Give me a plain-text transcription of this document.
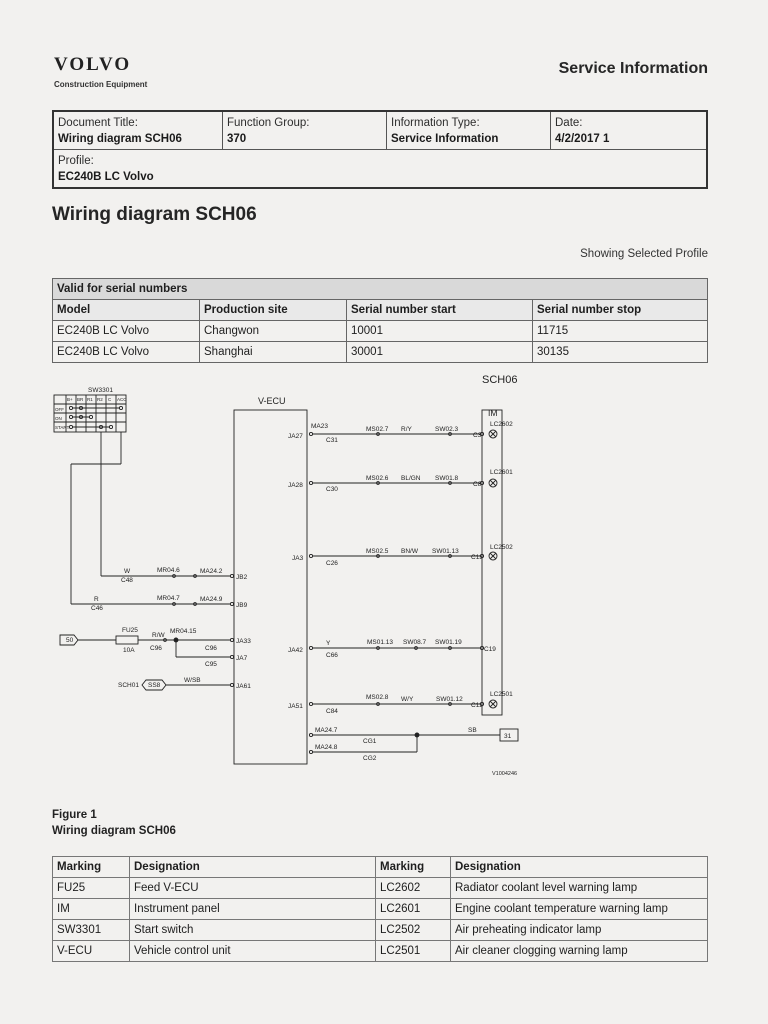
VOLVO
Construction Equipment
Service Information
Document Title:
Wiring diagram SCH06

Function Group:
370

Information Type:
Service Information

Date:
4/2/2017 1

Profile:
EC240B LC Volvo
Wiring diagram SCH06
Showing Selected Profile
Valid for serial numbers			
Model	Production site	Serial number start	Serial number stop
EC240B LC Volvo	Changwon	10001	11715
EC240B LC Volvo	Shanghai	30001	30135
SCH06
V-ECU
IM
SW3301
B+ BR R1 R2 C ACC
OFF
ON
START
W
C48
MR04.6	MA24.2
JB2
R
C46
MR04.7	MA24.9
JB9
50
FU25
10A
R/W
C96
MR04.15
C96
JA33
C95
JA7
SCH01 SS8
W/SB
JA61
JA27
MA23
C31
MS02.7 R/Y	SW02.3
C3
LC2602
JA28
C30
MS02.6 BL/GN SW01.8
C8
LC2601
JA3
C26
MS02.5 BN/W SW01.13
C13
LC2502
JA42
C66
Y	MS01.13 SW08.7 SW01.19
C19
JA51
C84
MS02.8 W/Y	SW01.12
C12
LC2501
MA24.7
CG1
SB
31
MA24.8
CG2
V1004246
Figure 1
Wiring diagram SCH06
Marking	Designation	Marking	Designation
FU25	Feed V-ECU	LC2602	Radiator coolant level warning lamp
IM	Instrument panel	LC2601	Engine coolant temperature warning lamp
SW3301	Start switch	LC2502	Air preheating indicator lamp
V-ECU	Vehicle control unit	LC2501	Air cleaner clogging warning lamp
